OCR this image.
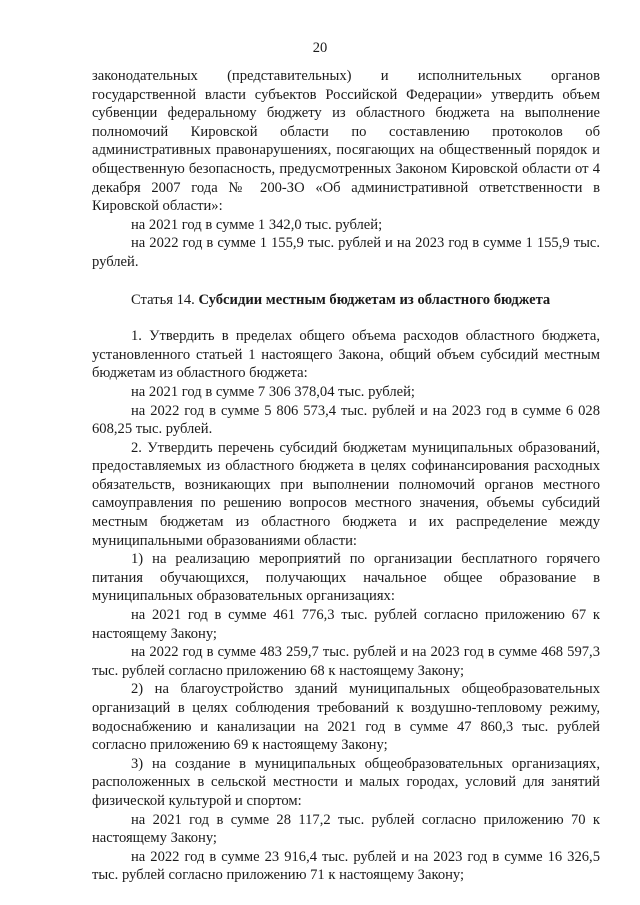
20

законодательных (представительных) и исполнительных органов государственной власти субъектов Российской Федерации» утвердить объем субвенции федеральному бюджету из областного бюджета на выполнение полномочий Кировской области по составлению протоколов об административных правонарушениях, посягающих на общественный порядок и общественную безопасность, предусмотренных Законом Кировской области от 4 декабря 2007 года № 200-ЗО «Об административной ответственности в Кировской области»:

на 2021 год в сумме 1 342,0 тыс. рублей;

на 2022 год в сумме 1 155,9 тыс. рублей и на 2023 год в сумме 1 155,9 тыс. рублей.

Статья 14. Субсидии местным бюджетам из областного бюджета

1. Утвердить в пределах общего объема расходов областного бюджета, установленного статьей 1 настоящего Закона, общий объем субсидий местным бюджетам из областного бюджета:

на 2021 год в сумме 7 306 378,04 тыс. рублей;

на 2022 год в сумме 5 806 573,4 тыс. рублей и на 2023 год в сумме 6 028 608,25 тыс. рублей.

2. Утвердить перечень субсидий бюджетам муниципальных образований, предоставляемых из областного бюджета в целях софинансирования расходных обязательств, возникающих при выполнении полномочий органов местного самоуправления по решению вопросов местного значения, объемы субсидий местным бюджетам из областного бюджета и их распределение между муниципальными образованиями области:

1) на реализацию мероприятий по организации бесплатного горячего питания обучающихся, получающих начальное общее образование в муниципальных образовательных организациях:

на 2021 год в сумме 461 776,3 тыс. рублей согласно приложению 67 к настоящему Закону;

на 2022 год в сумме 483 259,7 тыс. рублей и на 2023 год в сумме 468 597,3 тыс. рублей согласно приложению 68 к настоящему Закону;

2) на благоустройство зданий муниципальных общеобразовательных организаций в целях соблюдения требований к воздушно-тепловому режиму, водоснабжению и канализации на 2021 год в сумме 47 860,3 тыс. рублей согласно приложению 69 к настоящему Закону;

3) на создание в муниципальных общеобразовательных организациях, расположенных в сельской местности и малых городах, условий для занятий физической культурой и спортом:

на 2021 год в сумме 28 117,2 тыс. рублей согласно приложению 70 к настоящему Закону;

на 2022 год в сумме 23 916,4 тыс. рублей и на 2023 год в сумме 16 326,5 тыс. рублей согласно приложению 71 к настоящему Закону;
